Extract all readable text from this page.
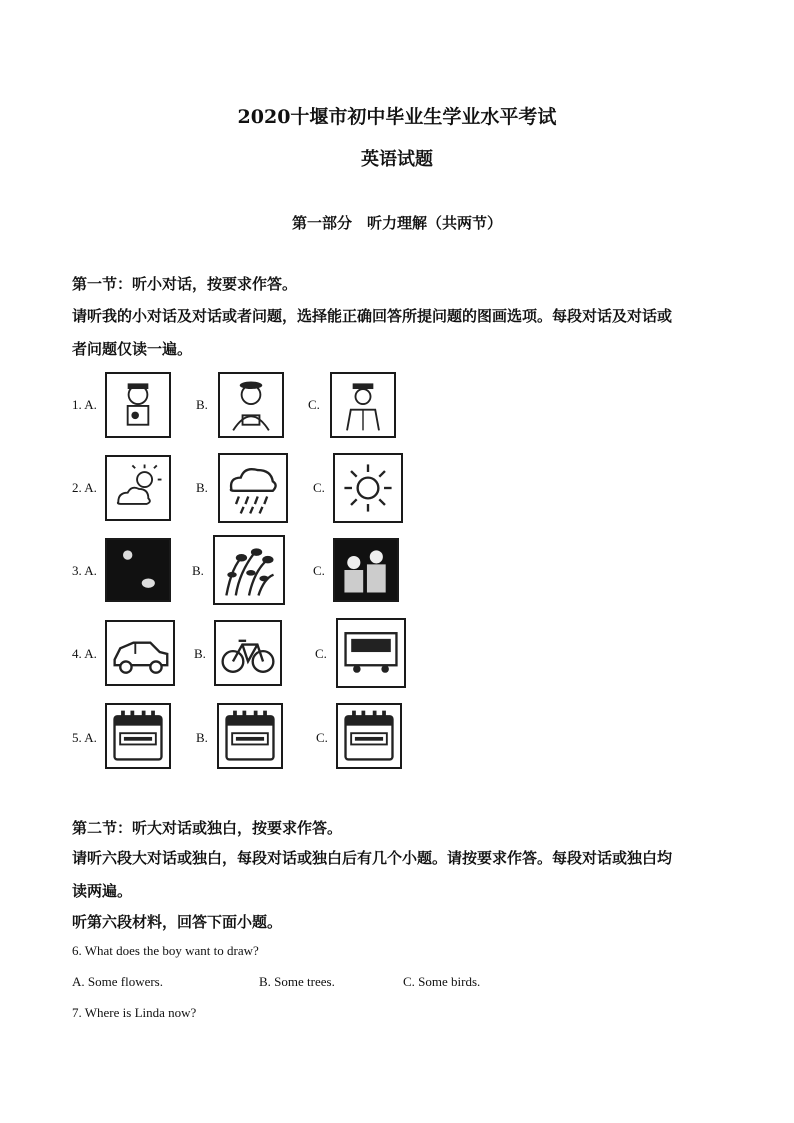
2020十堰市初中毕业生学业水平考试
英语试题
第一部分　听力理解（共两节）
第一节：听小对话，按要求作答。
请听我的小对话及对话或者问题，选择能正确回答所提问题的图画选项。每段对话及对话或
者问题仅读一遍。
1. A.	B.	C.
2. A.	B.	C.
3. A.	B.	C.
4. A.	B.	C.
5. A.	B.	C.
第二节：听大对话或独白，按要求作答。
请听六段大对话或独白，每段对话或独白后有几个小题。请按要求作答。每段对话或独白均
读两遍。
听第六段材料，回答下面小题。
6. What does the boy want to draw?
A. Some flowers.	B. Some trees.	C. Some birds.
7. Where is Linda now?
